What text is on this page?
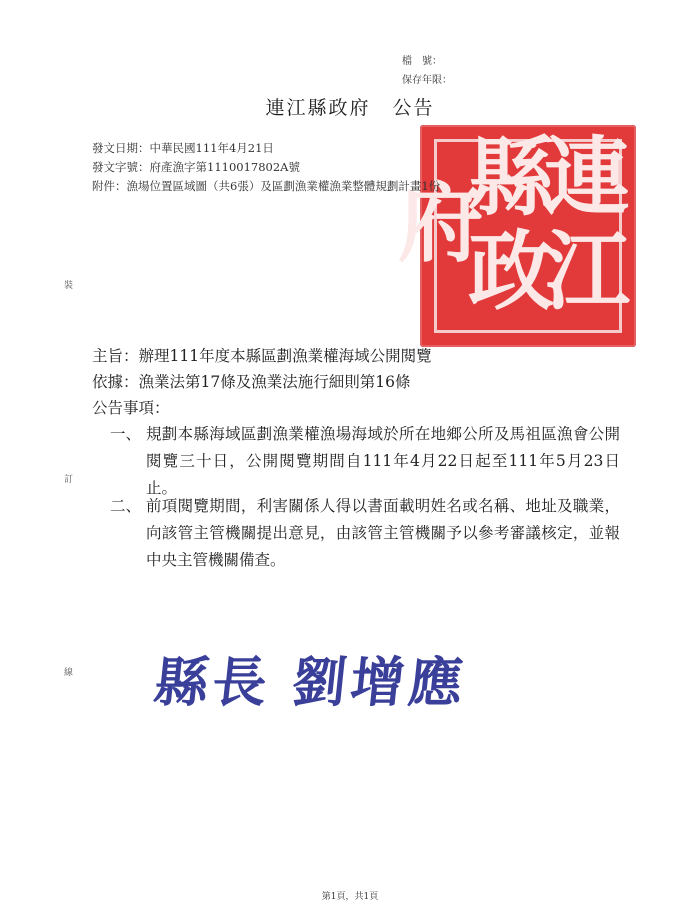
檔　號：
保存年限：
連江縣政府 公告
發文日期：中華民國111年4月21日
發文字號：府產漁字第1110017802A號	連
江
縣
政
府
附件：漁場位置區域圖（共6張）及區劃漁業權漁業整體規劃計畫1份
裝
訂
線
主旨：辦理111年度本縣區劃漁業權海域公開閱覽
依據：漁業法第17條及漁業法施行細則第16條
公告事項：
一、 規劃本縣海域區劃漁業權漁場海域於所在地鄉公所及馬祖區漁會公開閱覽三十日，公開閱覽期間自111年4月22日起至111年5月23日止。
二、 前項閱覽期間，利害關係人得以書面載明姓名或名稱、地址及職業，向該管主管機關提出意見，由該管主管機關予以參考審議核定，並報中央主管機關備查。
縣長 劉增應
第1頁，共1頁
